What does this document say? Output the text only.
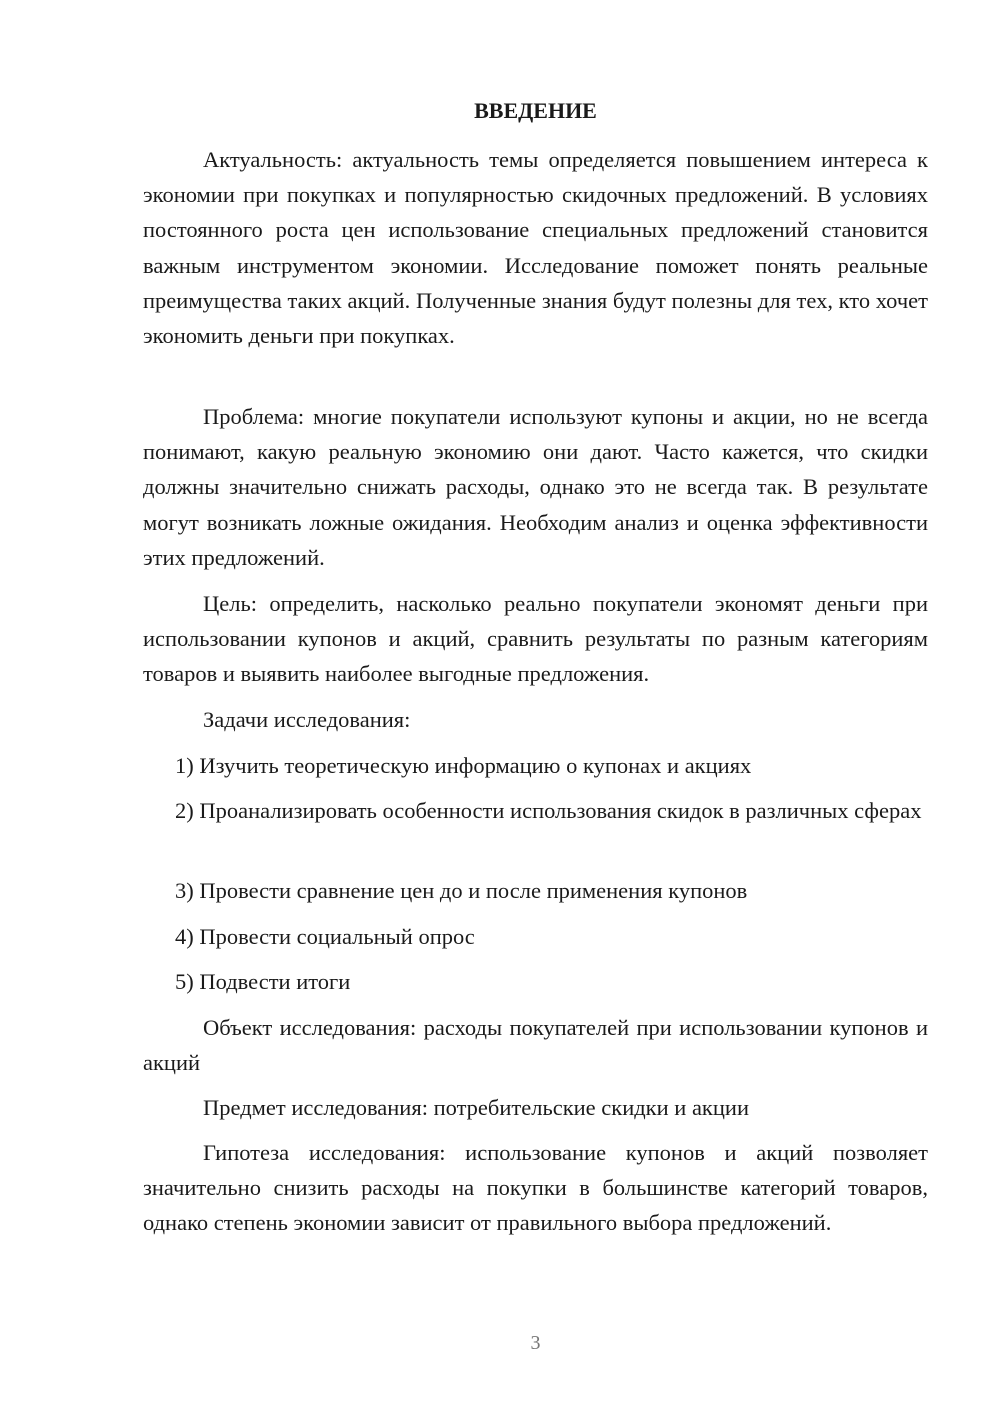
ВВЕДЕНИЕ

Актуальность: актуальность темы определяется повышением интереса к экономии при покупках и популярностью скидочных предложений. В условиях постоянного роста цен использование специальных предложений становится важным инструментом экономии. Исследование поможет понять реальные преимущества таких акций. Полученные знания будут полезны для тех, кто хочет экономить деньги при покупках.

Проблема: многие покупатели используют купоны и акции, но не всегда понимают, какую реальную экономию они дают. Часто кажется, что скидки должны значительно снижать расходы, однако это не всегда так. В результате могут возникать ложные ожидания. Необходим анализ и оценка эффективности этих предложений.

Цель: определить, насколько реально покупатели экономят деньги при использовании купонов и акций, сравнить результаты по разным категориям товаров и выявить наиболее выгодные предложения.

Задачи исследования:

1) Изучить теоретическую информацию о купонах и акциях

2) Проанализировать особенности использования скидок в различных сферах

3) Провести сравнение цен до и после применения купонов

4) Провести социальный опрос

5) Подвести итоги

Объект исследования: расходы покупателей при использовании купонов и акций

Предмет исследования: потребительские скидки и акции

Гипотеза исследования: использование купонов и акций позволяет значительно снизить расходы на покупки в большинстве категорий товаров, однако степень экономии зависит от правильного выбора предложений.

3
